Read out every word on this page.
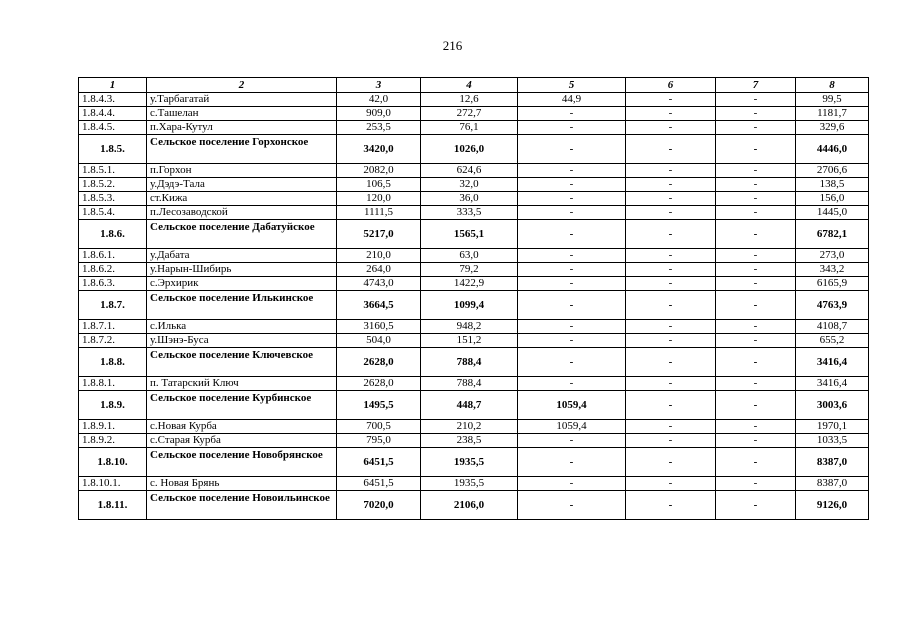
216
1	2	3	4	5	6	7	8
1.8.4.3.	у.Тарбагатай	42,0	12,6	44,9	-	-	99,5
1.8.4.4.	с.Ташелан	909,0	272,7	-	-	-	1181,7
1.8.4.5.	п.Хара-Кутул	253,5	76,1	-	-	-	329,6
1.8.5.	Сельское поселение Горхонское	3420,0	1026,0	-	-	-	4446,0
1.8.5.1.	п.Горхон	2082,0	624,6	-	-	-	2706,6
1.8.5.2.	у.Дэдэ-Тала	106,5	32,0	-	-	-	138,5
1.8.5.3.	ст.Кижа	120,0	36,0	-	-	-	156,0
1.8.5.4.	п.Лесозаводской	1111,5	333,5	-	-	-	1445,0
1.8.6.	Сельское поселение Дабатуйское	5217,0	1565,1	-	-	-	6782,1
1.8.6.1.	у.Дабата	210,0	63,0	-	-	-	273,0
1.8.6.2.	у.Нарын-Шибирь	264,0	79,2	-	-	-	343,2
1.8.6.3.	с.Эрхирик	4743,0	1422,9	-	-	-	6165,9
1.8.7.	Сельское поселение Илькинское	3664,5	1099,4	-	-	-	4763,9
1.8.7.1.	с.Илька	3160,5	948,2	-	-	-	4108,7
1.8.7.2.	у.Шэнэ-Буса	504,0	151,2	-	-	-	655,2
1.8.8.	Сельское поселение Ключевское	2628,0	788,4	-	-	-	3416,4
1.8.8.1.	п. Татарский Ключ	2628,0	788,4	-	-	-	3416,4
1.8.9.	Сельское поселение Курбинское	1495,5	448,7	1059,4	-	-	3003,6
1.8.9.1.	с.Новая Курба	700,5	210,2	1059,4	-	-	1970,1
1.8.9.2.	с.Старая Курба	795,0	238,5	-	-	-	1033,5
1.8.10.	Сельское поселение Новобрянское	6451,5	1935,5	-	-	-	8387,0
1.8.10.1.	с. Новая Брянь	6451,5	1935,5	-	-	-	8387,0
1.8.11.	Сельское поселение Новоильинское	7020,0	2106,0	-	-	-	9126,0
